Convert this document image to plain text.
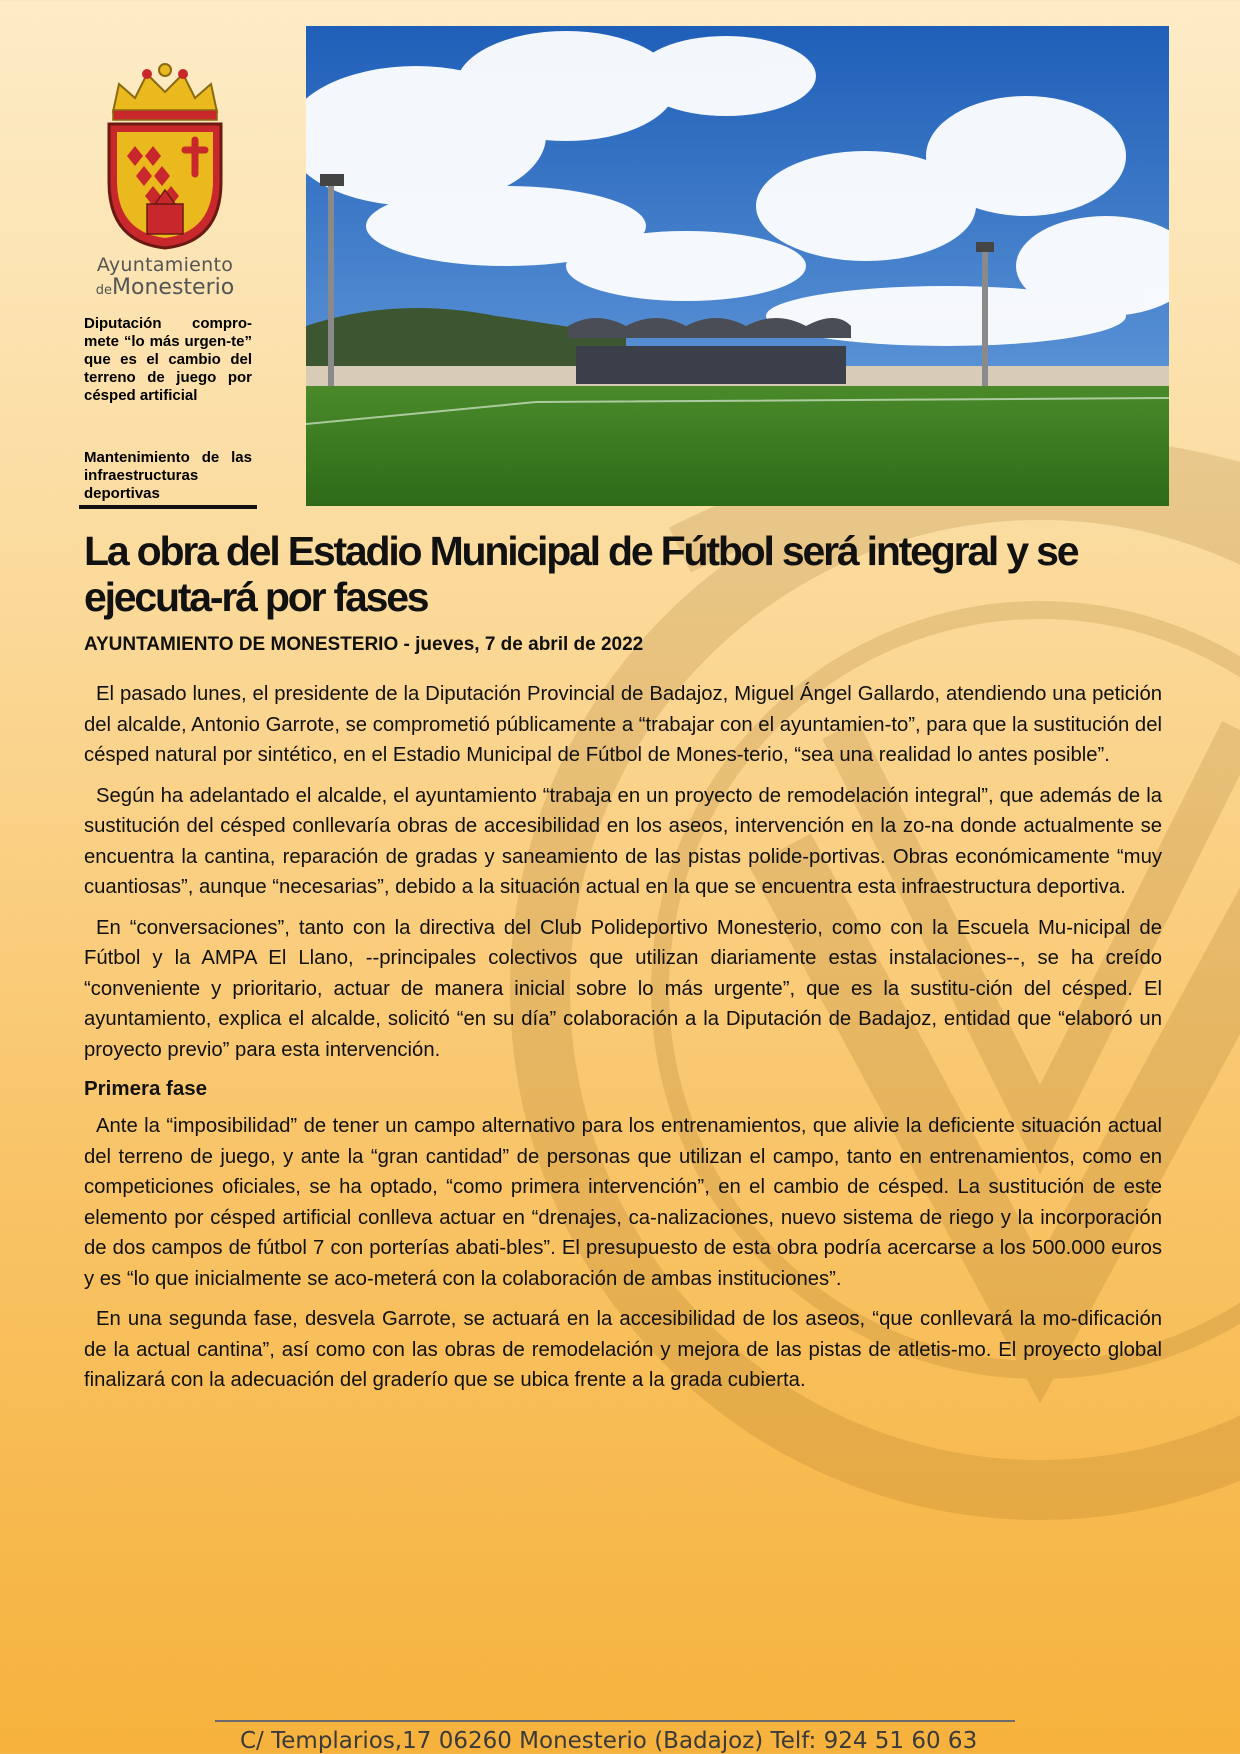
Ayuntamiento
deMonesterio
Diputación compro-mete “lo más urgen-te” que es el cambio del terreno de juego por césped artificial
Mantenimiento de las infraestructuras deportivas
La obra del Estadio Municipal de Fútbol será integral y se ejecuta-rá por fases
AYUNTAMIENTO DE MONESTERIO - jueves, 7 de abril de 2022

El pasado lunes, el presidente de la Diputación Provincial de Badajoz, Miguel Ángel Gallardo, atendiendo una petición del alcalde, Antonio Garrote, se comprometió públicamente a “trabajar con el ayuntamien-to”, para que la sustitución del césped natural por sintético, en el Estadio Municipal de Fútbol de Mones-terio, “sea una realidad lo antes posible”.

Según ha adelantado el alcalde, el ayuntamiento “trabaja en un proyecto de remodelación integral”, que además de la sustitución del césped conllevaría obras de accesibilidad en los aseos, intervención en la zo-na donde actualmente se encuentra la cantina, reparación de gradas y saneamiento de las pistas polide-portivas. Obras económicamente “muy cuantiosas”, aunque “necesarias”, debido a la situación actual en la que se encuentra esta infraestructura deportiva.

En “conversaciones”, tanto con la directiva del Club Polideportivo Monesterio, como con la Escuela Mu-nicipal de Fútbol y la AMPA El Llano, --principales colectivos que utilizan diariamente estas instalaciones--, se ha creído “conveniente y prioritario, actuar de manera inicial sobre lo más urgente”, que es la sustitu-ción del césped. El ayuntamiento, explica el alcalde, solicitó “en su día” colaboración a la Diputación de Badajoz, entidad que “elaboró un proyecto previo” para esta intervención.

Primera fase

Ante la “imposibilidad” de tener un campo alternativo para los entrenamientos, que alivie la deficiente situación actual del terreno de juego, y ante la “gran cantidad” de personas que utilizan el campo, tanto en entrenamientos, como en competiciones oficiales, se ha optado, “como primera intervención”, en el cambio de césped. La sustitución de este elemento por césped artificial conlleva actuar en “drenajes, ca-nalizaciones, nuevo sistema de riego y la incorporación de dos campos de fútbol 7 con porterías abati-bles”. El presupuesto de esta obra podría acercarse a los 500.000 euros y es “lo que inicialmente se aco-meterá con la colaboración de ambas instituciones”.

En una segunda fase, desvela Garrote, se actuará en la accesibilidad de los aseos, “que conllevará la mo-dificación de la actual cantina”, así como con las obras de remodelación y mejora de las pistas de atletis-mo. El proyecto global finalizará con la adecuación del graderío que se ubica frente a la grada cubierta.

C/ Templarios,17 06260 Monesterio (Badajoz) Telf: 924 51 60 63
